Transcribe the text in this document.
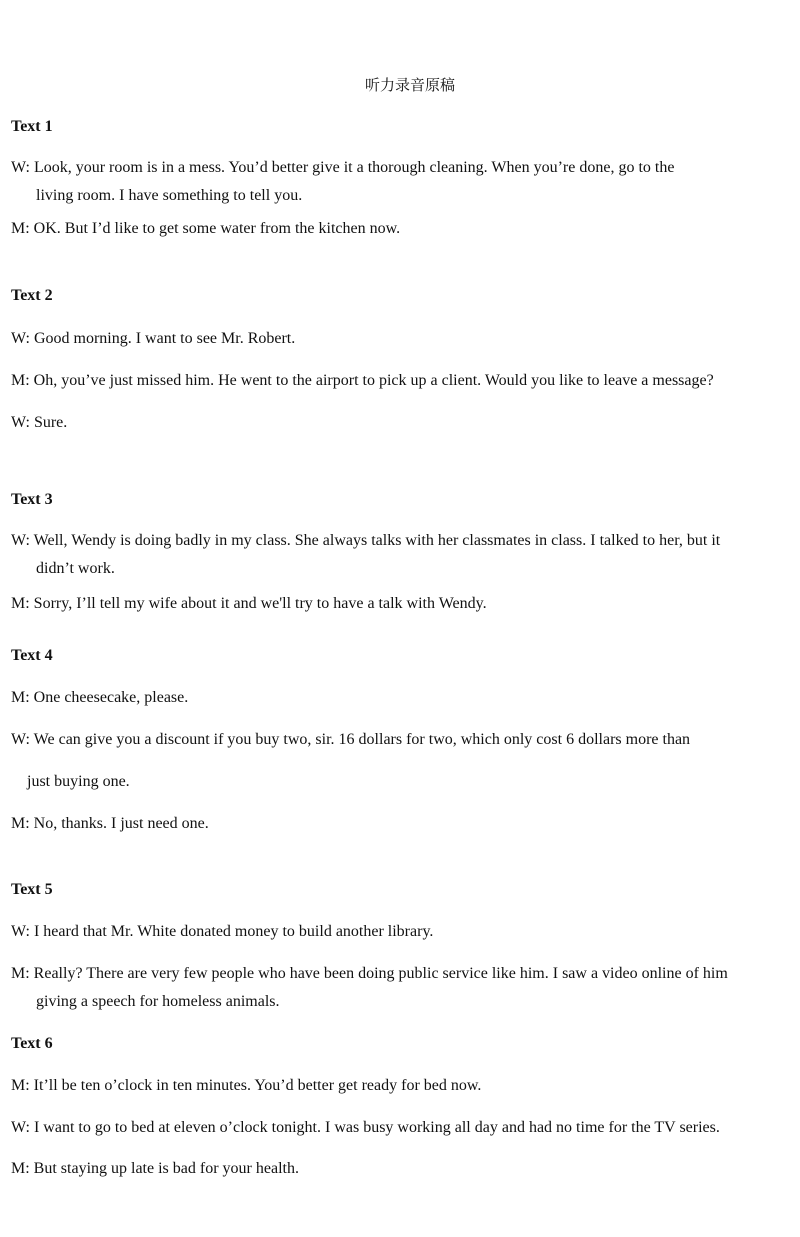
听力录音原稿
Text 1
W: Look, your room is in a mess. You’d better give it a thorough cleaning. When you’re done, go to the
living room. I have something to tell you.
M: OK. But I’d like to get some water from the kitchen now.
Text 2
W: Good morning. I want to see Mr. Robert.
M: Oh, you’ve just missed him. He went to the airport to pick up a client. Would you like to leave a message?
W: Sure.
Text 3
W: Well, Wendy is doing badly in my class. She always talks with her classmates in class. I talked to her, but it
didn’t work.
M: Sorry, I’ll tell my wife about it and we'll try to have a talk with Wendy.
Text 4
M: One cheesecake, please.
W: We can give you a discount if you buy two, sir. 16 dollars for two, which only cost 6 dollars more than
just buying one.
M: No, thanks. I just need one.
Text 5
W: I heard that Mr. White donated money to build another library.
M: Really? There are very few people who have been doing public service like him. I saw a video online of him
giving a speech for homeless animals.
Text 6
M: It’ll be ten o’clock in ten minutes. You’d better get ready for bed now.
W: I want to go to bed at eleven o’clock tonight. I was busy working all day and had no time for the TV series.
M: But staying up late is bad for your health.
